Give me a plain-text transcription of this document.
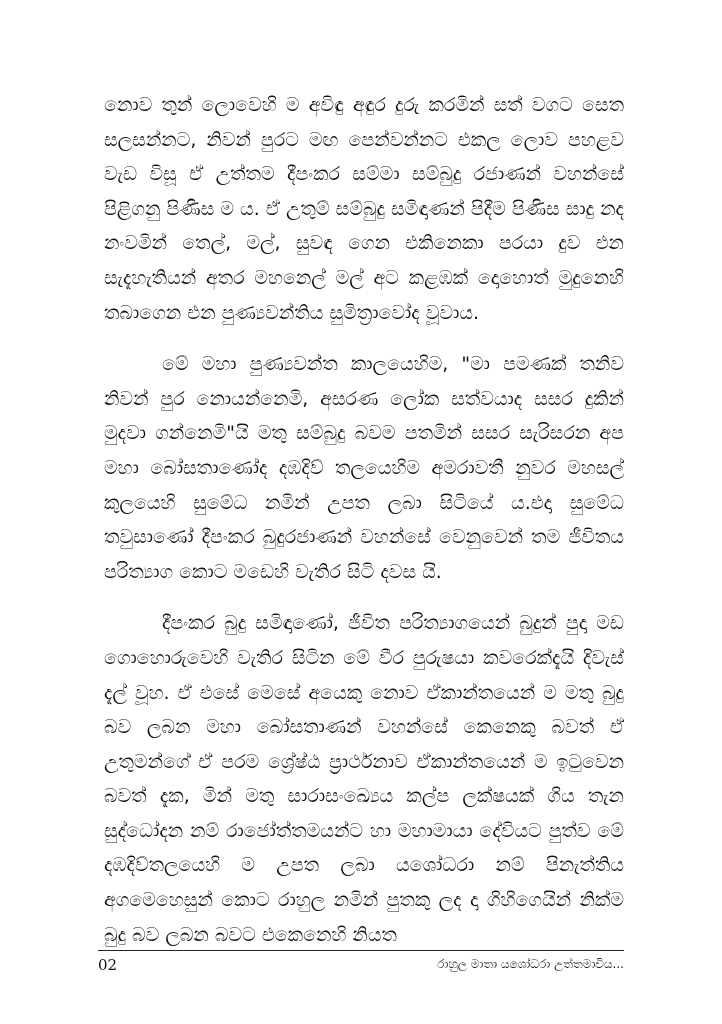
නොව තුන් ලොවෙහි ම අවිඳු අඳුර දුරු කරමින් සත් වගට සෙත සලසන්නට, නිවන් පුරට මඟ පෙන්වන්නට එකල ලොව පහළව වැඩ විසූ ඒ උත්තම දීපංකර සම්මා සම්බුදු රජාණන් වහන්සේ පිළිගනු පිණිස ම ය. ඒ උතුම් සම්බුදු සමිඳාණන් පිදීම පිණිස සාදු නද නංවමින් තෙල්, මල්, සුවඳ ගෙන එකිනෙකා පරයා දුව එන සැදැහැතියන් අතර මහනෙල් මල් අට කළඹක් දොහොත් මුදුනෙහි තබාගෙන එන පුණ්‍යවන්තිය සුමිත්‍රාවෝද වූවාය.

මේ මහා පුණ්‍යවන්ත කාලයෙහිම, "මා පමණක් තනිව නිවන් පුර නොයන්නෙමි, අසරණ ලෝක සත්වයාද සසර දුකින් මුදවා ගන්නෙමි"යි මතු සම්බුදු බවම පතමින් සසර සැරිසරන අප මහා බෝසතාණෝද දඹදිව් තලයෙහිම අමරාවතී නුවර මහසල් කුලයෙහි සුමේධ නමින් උපත ලබා සිටියේ ය.එදා සුමේධ තවුසාණෝ දීපංකර බුදුරජාණන් වහන්සේ වෙනුවෙන් තම ජීවිතය පරිත්‍යාග කොට මඩෙහි වැතිර සිටි දවස යි.

දීපංකර බුදු සමිඳාණෝ, ජීවිත පරිත්‍යාගයෙන් බුදුන් පුදා මඩ ගොහොරුවෙහි වැතිර සිටින මේ වීර පුරුෂයා කවරෙක්දැයි දිවැස් දැල් වූහ. ඒ එසේ මෙසේ අයෙකු නොව ඒකාන්තයෙන් ම මතු බුදු බව ලබන මහා බෝසතාණන් වහන්සේ කෙනෙකු බවත් ඒ උතුමන්ගේ ඒ පරම ශ්‍රේෂ්ඨ ප්‍රාර්ථනාව ඒකාන්තයෙන් ම ඉටුවෙන බවත් දැක, මින් මතු සාරාසංඛ්‍යෙය කල්ප ලක්ෂයක් ගිය තැන සුද්ධෝදන නම් රාජෝත්තමයන්ට හා මහාමායා දේවියට පුත්ව මේ දඹදිව්තලයෙහි ම උපත ලබා යශෝධරා නම් පිනැත්තිය අගමෙහෙසුන් කොට රාහුල නමින් පුතකු ලද දා ගිහිගෙයින් නික්ම බුදු බව ලබන බවට එකෙනෙහි නියත

02	රාහුල මාතා යශෝධරා උත්තමාවිය...
